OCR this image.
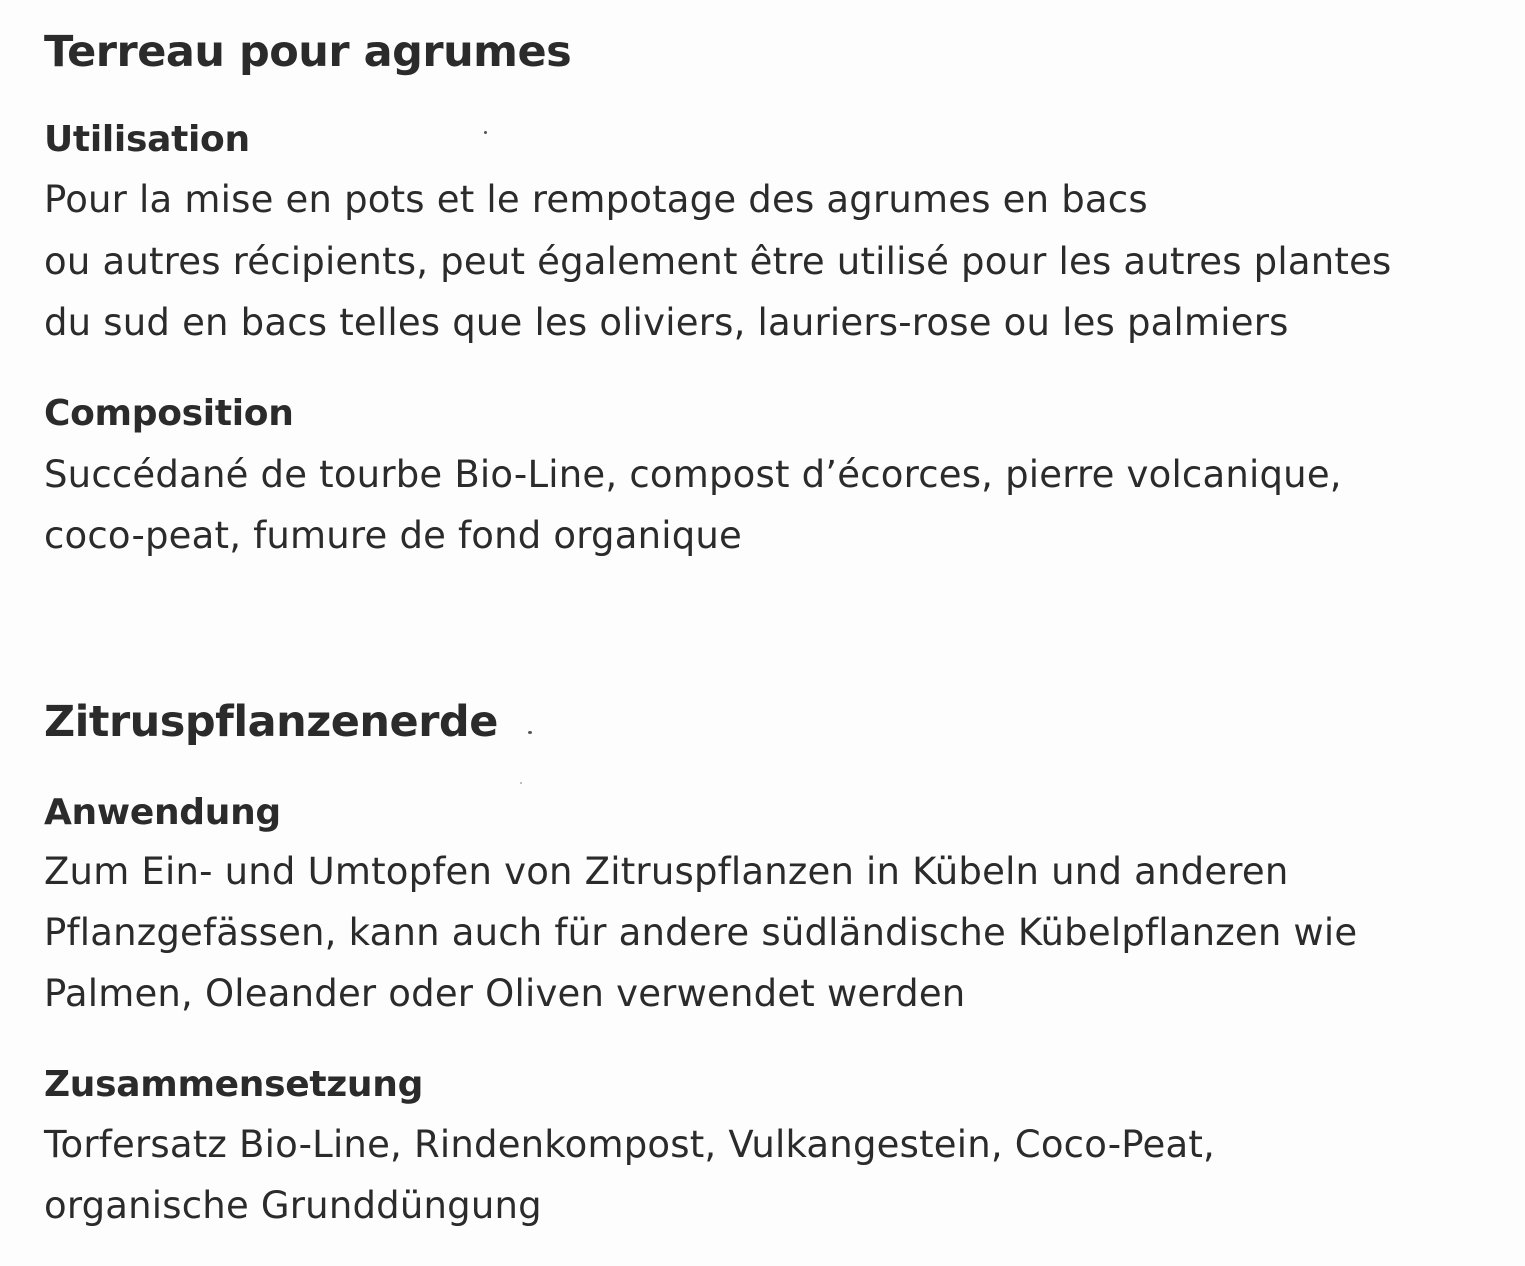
Terreau pour agrumes
Utilisation

Pour la mise en pots et le rempotage des agrumes en bacs

ou autres récipients, peut également être utilisé pour les autres plantes

du sud en bacs telles que les oliviers, lauriers-rose ou les palmiers

Composition

Succédané de tourbe Bio-Line, compost d’écorces, pierre volcanique,

coco-peat, fumure de fond organique

Zitruspflanzenerde
Anwendung

Zum Ein- und Umtopfen von Zitruspflanzen in Kübeln und anderen

Pflanzgefässen, kann auch für andere südländische Kübelpflanzen wie

Palmen, Oleander oder Oliven verwendet werden

Zusammensetzung

Torfersatz Bio-Line, Rindenkompost, Vulkangestein, Coco-Peat,

organische Grunddüngung
